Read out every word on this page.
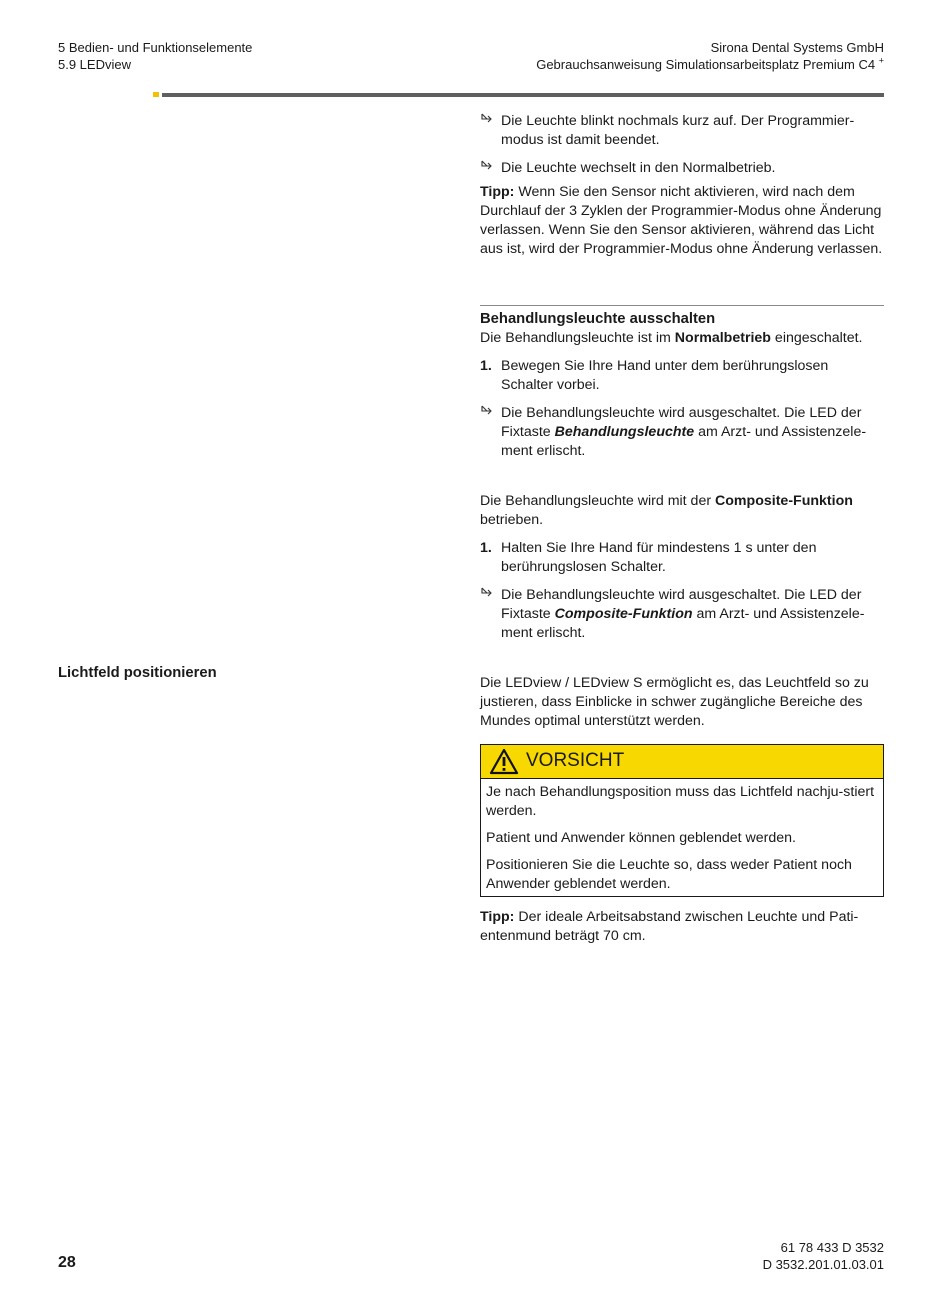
5 Bedien- und Funktionselemente
5.9 LEDview
Sirona Dental Systems GmbH
Gebrauchsanweisung Simulationsarbeitsplatz Premium C4 +

Die Leuchte blinkt nochmals kurz auf. Der Programmier-modus ist damit beendet.

Die Leuchte wechselt in den Normalbetrieb.

Tipp: Wenn Sie den Sensor nicht aktivieren, wird nach dem Durchlauf der 3 Zyklen der Programmier-Modus ohne Änderung verlassen. Wenn Sie den Sensor aktivieren, während das Licht aus ist, wird der Programmier-Modus ohne Änderung verlassen.

Behandlungsleuchte ausschalten

Die Behandlungsleuchte ist im Normalbetrieb eingeschaltet.

1. Bewegen Sie Ihre Hand unter dem berührungslosen Schalter vorbei.

Die Behandlungsleuchte wird ausgeschaltet. Die LED der Fixtaste Behandlungsleuchte am Arzt- und Assistenzele-ment erlischt.

Die Behandlungsleuchte wird mit der Composite-Funktion betrieben.

1. Halten Sie Ihre Hand für mindestens 1 s unter den berührungslosen Schalter.

Die Behandlungsleuchte wird ausgeschaltet. Die LED der Fixtaste Composite-Funktion am Arzt- und Assistenzele-ment erlischt.

Lichtfeld positionieren

Die LEDview / LEDview S ermöglicht es, das Leuchtfeld so zu justieren, dass Einblicke in schwer zugängliche Bereiche des Mundes optimal unterstützt werden.

VORSICHT

Je nach Behandlungsposition muss das Lichtfeld nachju-stiert werden.

Patient und Anwender können geblendet werden.

Positionieren Sie die Leuchte so, dass weder Patient noch Anwender geblendet werden.

Tipp: Der ideale Arbeitsabstand zwischen Leuchte und Pati-entenmund beträgt 70 cm.

28
61 78 433 D 3532
D 3532.201.01.03.01
